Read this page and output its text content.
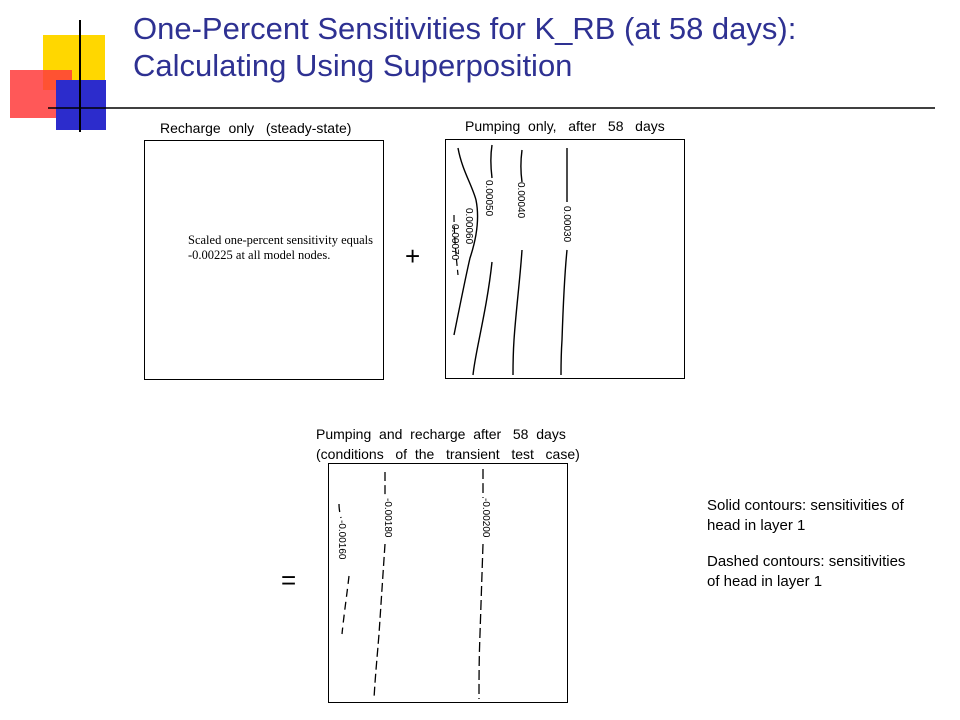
One-Percent Sensitivities for K_RB (at 58 days):
Calculating Using Superposition
Recharge  only   (steady-state)
Scaled one-percent sensitivity equals -0.00225 at all model nodes.	+
Pumping  only,   after   58   days
0.00050 0.00040
0.00030
0.00060
0.00070
Pumping  and  recharge  after   58  days
(conditions   of  the   transient   test   case)
=
-0.00180	-0.00200
-0.00160
Solid contours: sensitivities of
head in layer 1
Dashed contours: sensitivities
of head in layer 1
